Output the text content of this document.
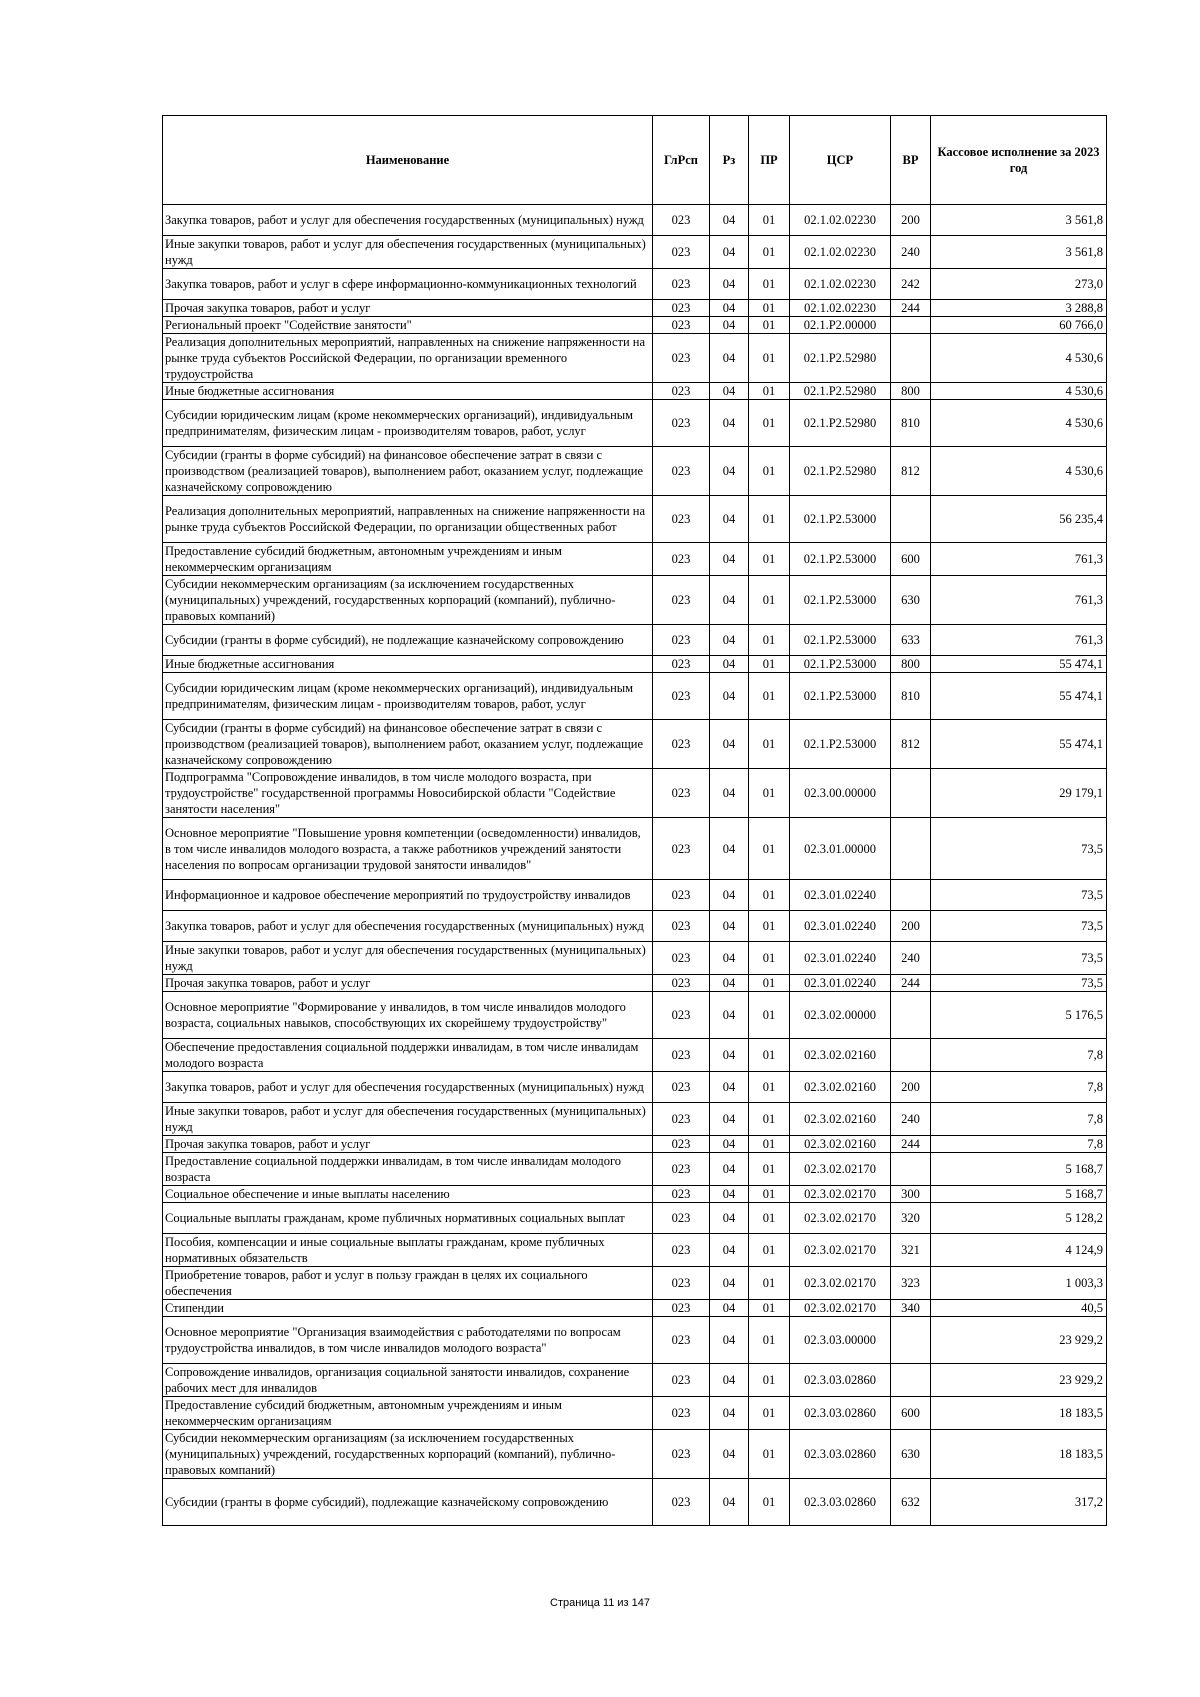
Наименование	ГлРсп	Рз	ПР	ЦСР	ВР	Кассовое исполнение за 2023 год
Закупка товаров, работ и услуг для обеспечения государственных (муниципальных) нужд	023	04	01	02.1.02.02230	200	3 561,8
Иные закупки товаров, работ и услуг для обеспечения государственных (муниципальных) нужд	023	04	01	02.1.02.02230	240	3 561,8
Закупка товаров, работ и услуг в сфере информационно-коммуникационных технологий	023	04	01	02.1.02.02230	242	273,0
Прочая закупка товаров, работ и услуг	023	04	01	02.1.02.02230	244	3 288,8
Региональный проект "Содействие занятости"	023	04	01	02.1.P2.00000		60 766,0
Реализация дополнительных мероприятий, направленных на снижение напряженности на рынке труда субъектов Российской Федерации, по организации временного трудоустройства	023	04	01	02.1.P2.52980		4 530,6
Иные бюджетные ассигнования	023	04	01	02.1.P2.52980	800	4 530,6
Субсидии юридическим лицам (кроме некоммерческих организаций), индивидуальным предпринимателям, физическим лицам - производителям товаров, работ, услуг	023	04	01	02.1.P2.52980	810	4 530,6
Субсидии (гранты в форме субсидий) на финансовое обеспечение затрат в связи с производством (реализацией товаров), выполнением работ, оказанием услуг, подлежащие казначейскому сопровождению	023	04	01	02.1.P2.52980	812	4 530,6
Реализация дополнительных мероприятий, направленных на снижение напряженности на рынке труда субъектов Российской Федерации, по организации общественных работ	023	04	01	02.1.P2.53000		56 235,4
Предоставление субсидий бюджетным, автономным учреждениям и иным некоммерческим организациям	023	04	01	02.1.P2.53000	600	761,3
Субсидии некоммерческим организациям (за исключением государственных (муниципальных) учреждений, государственных корпораций (компаний), публично-правовых компаний)	023	04	01	02.1.P2.53000	630	761,3
Субсидии (гранты в форме субсидий), не подлежащие казначейскому сопровождению	023	04	01	02.1.P2.53000	633	761,3
Иные бюджетные ассигнования	023	04	01	02.1.P2.53000	800	55 474,1
Субсидии юридическим лицам (кроме некоммерческих организаций), индивидуальным предпринимателям, физическим лицам - производителям товаров, работ, услуг	023	04	01	02.1.P2.53000	810	55 474,1
Субсидии (гранты в форме субсидий) на финансовое обеспечение затрат в связи с производством (реализацией товаров), выполнением работ, оказанием услуг, подлежащие казначейскому сопровождению	023	04	01	02.1.P2.53000	812	55 474,1
Подпрограмма "Сопровождение инвалидов, в том числе молодого возраста, при трудоустройстве" государственной программы Новосибирской области "Содействие занятости населения"	023	04	01	02.3.00.00000		29 179,1
Основное мероприятие "Повышение уровня компетенции (осведомленности) инвалидов, в том числе инвалидов молодого возраста, а также работников учреждений занятости населения по вопросам организации трудовой занятости инвалидов"	023	04	01	02.3.01.00000		73,5
Информационное и кадровое обеспечение мероприятий по трудоустройству инвалидов	023	04	01	02.3.01.02240		73,5
Закупка товаров, работ и услуг для обеспечения государственных (муниципальных) нужд	023	04	01	02.3.01.02240	200	73,5
Иные закупки товаров, работ и услуг для обеспечения государственных (муниципальных) нужд	023	04	01	02.3.01.02240	240	73,5
Прочая закупка товаров, работ и услуг	023	04	01	02.3.01.02240	244	73,5
Основное мероприятие "Формирование у инвалидов, в том числе инвалидов молодого возраста, социальных навыков, способствующих их скорейшему трудоустройству"	023	04	01	02.3.02.00000		5 176,5
Обеспечение предоставления социальной поддержки инвалидам, в том числе инвалидам молодого возраста	023	04	01	02.3.02.02160		7,8
Закупка товаров, работ и услуг для обеспечения государственных (муниципальных) нужд	023	04	01	02.3.02.02160	200	7,8
Иные закупки товаров, работ и услуг для обеспечения государственных (муниципальных) нужд	023	04	01	02.3.02.02160	240	7,8
Прочая закупка товаров, работ и услуг	023	04	01	02.3.02.02160	244	7,8
Предоставление социальной поддержки инвалидам, в том числе инвалидам молодого возраста	023	04	01	02.3.02.02170		5 168,7
Социальное обеспечение и иные выплаты населению	023	04	01	02.3.02.02170	300	5 168,7
Социальные выплаты гражданам, кроме публичных нормативных социальных выплат	023	04	01	02.3.02.02170	320	5 128,2
Пособия, компенсации и иные социальные выплаты гражданам, кроме публичных нормативных обязательств	023	04	01	02.3.02.02170	321	4 124,9
Приобретение товаров, работ и услуг в пользу граждан в целях их социального обеспечения	023	04	01	02.3.02.02170	323	1 003,3
Стипендии	023	04	01	02.3.02.02170	340	40,5
Основное мероприятие "Организация взаимодействия с работодателями по вопросам трудоустройства инвалидов, в том числе инвалидов молодого возраста"	023	04	01	02.3.03.00000		23 929,2
Сопровождение инвалидов, организация социальной занятости инвалидов, сохранение рабочих мест для инвалидов	023	04	01	02.3.03.02860		23 929,2
Предоставление субсидий бюджетным, автономным учреждениям и иным некоммерческим организациям	023	04	01	02.3.03.02860	600	18 183,5
Субсидии некоммерческим организациям (за исключением государственных (муниципальных) учреждений, государственных корпораций (компаний), публично-правовых компаний)	023	04	01	02.3.03.02860	630	18 183,5
Субсидии (гранты в форме субсидий), подлежащие казначейскому сопровождению	023	04	01	02.3.03.02860	632	317,2
Страница 11 из 147
